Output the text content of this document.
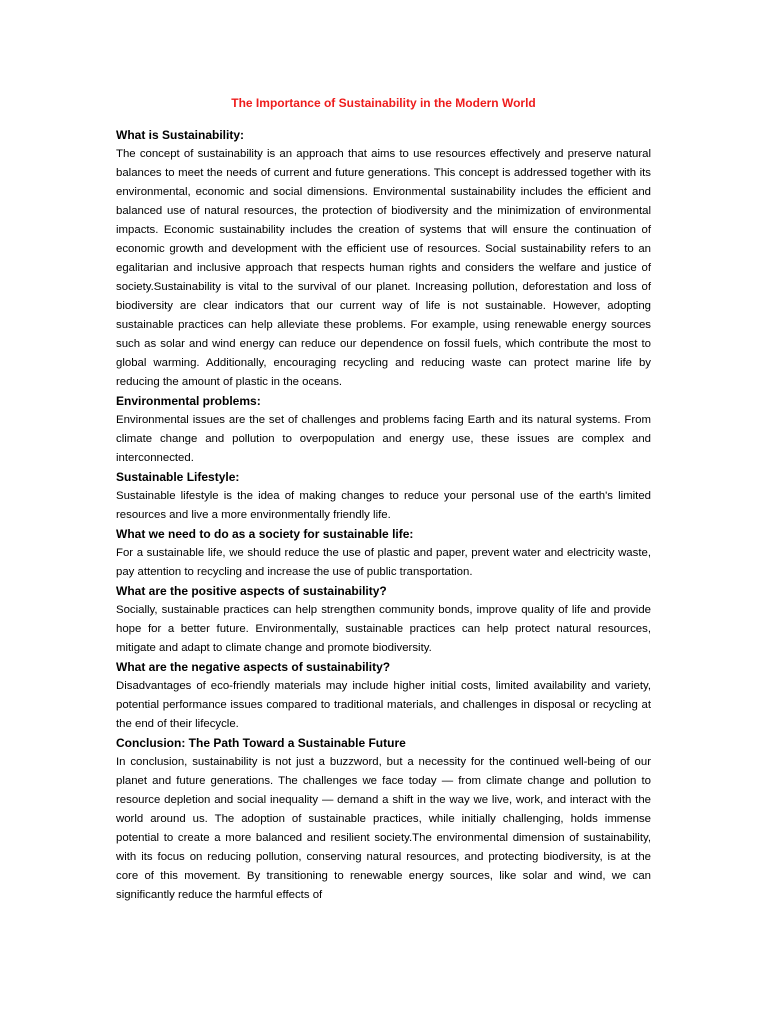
The Importance of Sustainability in the Modern World
What is Sustainability:
The concept of sustainability is an approach that aims to use resources effectively and preserve natural balances to meet the needs of current and future generations. This concept is addressed together with its environmental, economic and social dimensions. Environmental sustainability includes the efficient and balanced use of natural resources, the protection of biodiversity and the minimization of environmental impacts. Economic sustainability includes the creation of systems that will ensure the continuation of economic growth and development with the efficient use of resources. Social sustainability refers to an egalitarian and inclusive approach that respects human rights and considers the welfare and justice of society.Sustainability is vital to the survival of our planet. Increasing pollution, deforestation and loss of biodiversity are clear indicators that our current way of life is not sustainable. However, adopting sustainable practices can help alleviate these problems. For example, using renewable energy sources such as solar and wind energy can reduce our dependence on fossil fuels, which contribute the most to global warming. Additionally, encouraging recycling and reducing waste can protect marine life by reducing the amount of plastic in the oceans.
Environmental problems:
Environmental issues are the set of challenges and problems facing Earth and its natural systems. From climate change and pollution to overpopulation and energy use, these issues are complex and interconnected.
Sustainable Lifestyle:
Sustainable lifestyle is the idea of making changes to reduce your personal use of the earth's limited resources and live a more environmentally friendly life.
What we need to do as a society for sustainable life:
For a sustainable life, we should reduce the use of plastic and paper, prevent water and electricity waste, pay attention to recycling and increase the use of public transportation.
What are the positive aspects of sustainability?
Socially, sustainable practices can help strengthen community bonds, improve quality of life and provide hope for a better future. Environmentally, sustainable practices can help protect natural resources, mitigate and adapt to climate change and promote biodiversity.
What are the negative aspects of sustainability?
Disadvantages of eco-friendly materials may include higher initial costs, limited availability and variety, potential performance issues compared to traditional materials, and challenges in disposal or recycling at the end of their lifecycle.
Conclusion: The Path Toward a Sustainable Future
In conclusion, sustainability is not just a buzzword, but a necessity for the continued well-being of our planet and future generations. The challenges we face today — from climate change and pollution to resource depletion and social inequality — demand a shift in the way we live, work, and interact with the world around us. The adoption of sustainable practices, while initially challenging, holds immense potential to create a more balanced and resilient society.The environmental dimension of sustainability, with its focus on reducing pollution, conserving natural resources, and protecting biodiversity, is at the core of this movement. By transitioning to renewable energy sources, like solar and wind, we can significantly reduce the harmful effects of
